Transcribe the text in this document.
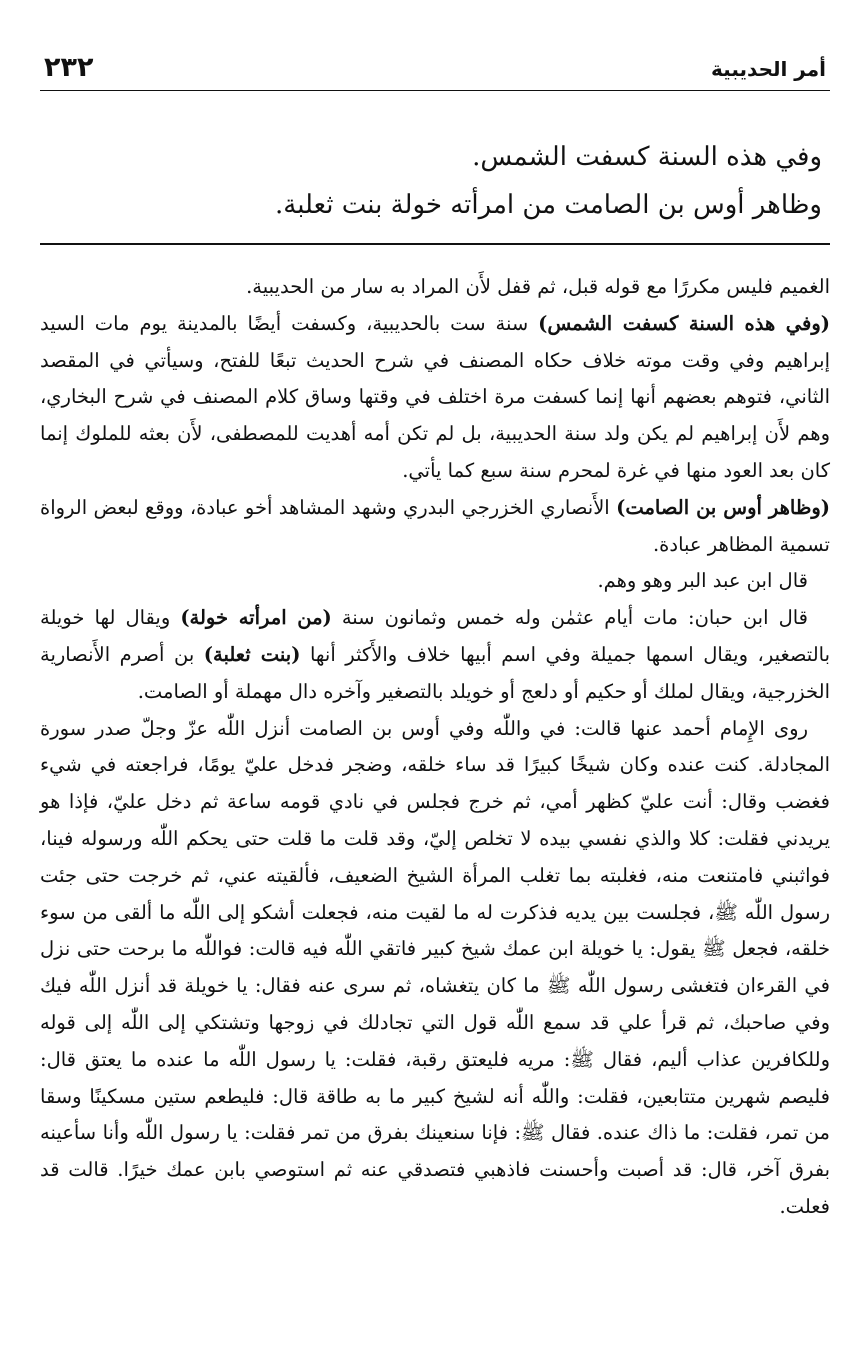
أمر الحديبية
٢٣٢

وفي هذه السنة كسفت الشمس.

وظاهر أوس بن الصامت من امرأته خولة بنت ثعلبة.

الغميم فليس مكررًا مع قوله قبل، ثم قفل لأَن المراد به سار من الحديبية.

(وفي هذه السنة كسفت الشمس) سنة ست بالحديبية، وكسفت أيضًا بالمدينة يوم مات السيد إبراهيم وفي وقت موته خلاف حكاه المصنف في شرح الحديث تبعًا للفتح، وسيأتي في المقصد الثاني، فتوهم بعضهم أنها إنما كسفت مرة اختلف في وقتها وساق كلام المصنف في شرح البخاري، وهم لأَن إبراهيم لم يكن ولد سنة الحديبية، بل لم تكن أمه أهديت للمصطفى، لأَن بعثه للملوك إنما كان بعد العود منها في غرة لمحرم سنة سبع كما يأتي.

(وظاهر أوس بن الصامت) الأَنصاري الخزرجي البدري وشهد المشاهد أخو عبادة، ووقع لبعض الرواة تسمية المظاهر عبادة.

قال ابن عبد البر وهو وهم.

قال ابن حبان: مات أيام عثمٰن وله خمس وثمانون سنة (من امرأته خولة) ويقال لها خويلة بالتصغير، ويقال اسمها جميلة وفي اسم أبيها خلاف والأَكثر أنها (بنت ثعلبة) بن أصرم الأَنصارية الخزرجية، ويقال لملك أو حكيم أو دلعج أو خويلد بالتصغير وآخره دال مهملة أو الصامت.

روى الإِمام أحمد عنها قالت: في واللّٰه وفي أوس بن الصامت أنزل اللّٰه عزّ وجلّ صدر سورة المجادلة. كنت عنده وكان شيخًا كبيرًا قد ساء خلقه، وضجر فدخل عليّ يومًا، فراجعته في شيء فغضب وقال: أنت عليّ كظهر أمي، ثم خرج فجلس في نادي قومه ساعة ثم دخل عليّ، فإذا هو يريدني فقلت: كلا والذي نفسي بيده لا تخلص إليّ، وقد قلت ما قلت حتى يحكم اللّٰه ورسوله فينا، فواثبني فامتنعت منه، فغلبته بما تغلب المرأة الشيخ الضعيف، فألقيته عني، ثم خرجت حتى جئت رسول اللّٰه ﷺ، فجلست بين يديه فذكرت له ما لقيت منه، فجعلت أشكو إلى اللّٰه ما ألقى من سوء خلقه، فجعل ﷺ يقول: يا خويلة ابن عمك شيخ كبير فاتقي اللّٰه فيه قالت: فواللّٰه ما برحت حتى نزل في القرءان فتغشى رسول اللّٰه ﷺ ما كان يتغشاه، ثم سرى عنه فقال: يا خويلة قد أنزل اللّٰه فيك وفي صاحبك، ثم قرأ علي قد سمع اللّٰه قول التي تجادلك في زوجها وتشتكي إلى اللّٰه إلى قوله وللكافرين عذاب أليم، فقال ﷺ: مريه فليعتق رقبة، فقلت: يا رسول اللّٰه ما عنده ما يعتق قال: فليصم شهرين متتابعين، فقلت: واللّٰه أنه لشيخ كبير ما به طاقة قال: فليطعم ستين مسكينًا وسقا من تمر، فقلت: ما ذاك عنده. فقال ﷺ: فإنا سنعينك بفرق من تمر فقلت: يا رسول اللّٰه وأنا سأعينه بفرق آخر، قال: قد أصبت وأحسنت فاذهبي فتصدقي عنه ثم استوصي بابن عمك خيرًا. قالت قد فعلت.
